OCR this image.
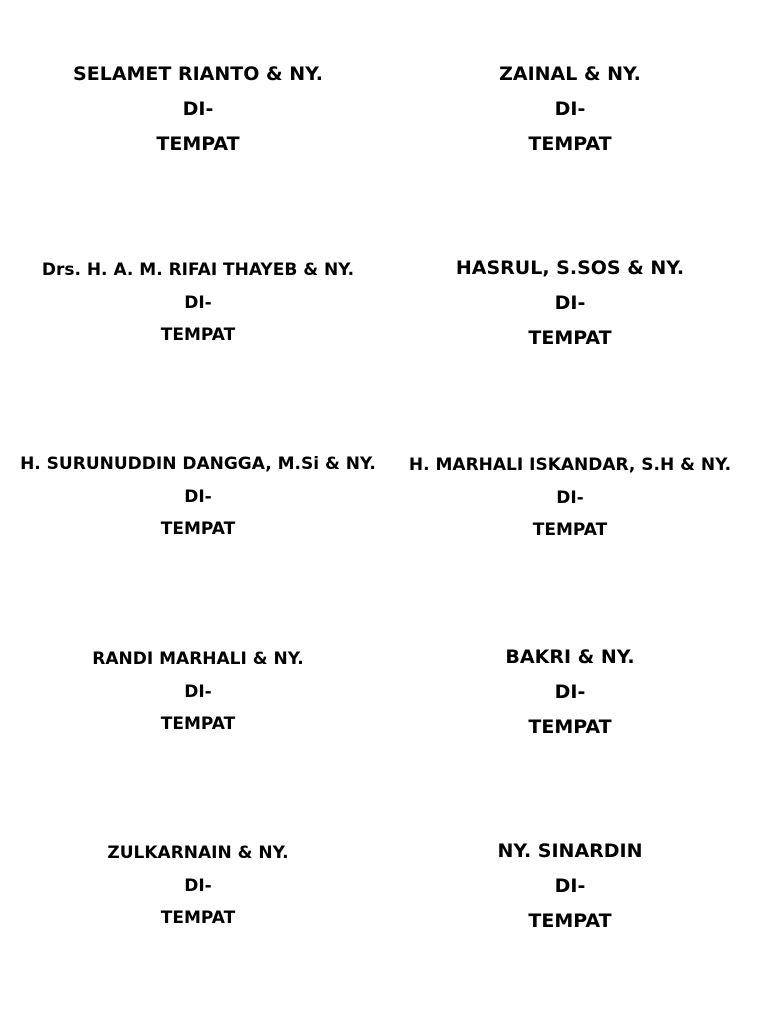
SELAMET RIANTO & NY.
DI-
TEMPAT
ZAINAL & NY.
DI-
TEMPAT
Drs. H. A. M. RIFAI THAYEB & NY.
DI-
TEMPAT
HASRUL, S.SOS & NY.
DI-
TEMPAT
H. SURUNUDDIN DANGGA, M.Si & NY.
DI-
TEMPAT
H. MARHALI ISKANDAR, S.H & NY.
DI-
TEMPAT
RANDI MARHALI & NY.
DI-
TEMPAT
BAKRI & NY.
DI-
TEMPAT
ZULKARNAIN & NY.
DI-
TEMPAT
NY. SINARDIN
DI-
TEMPAT
